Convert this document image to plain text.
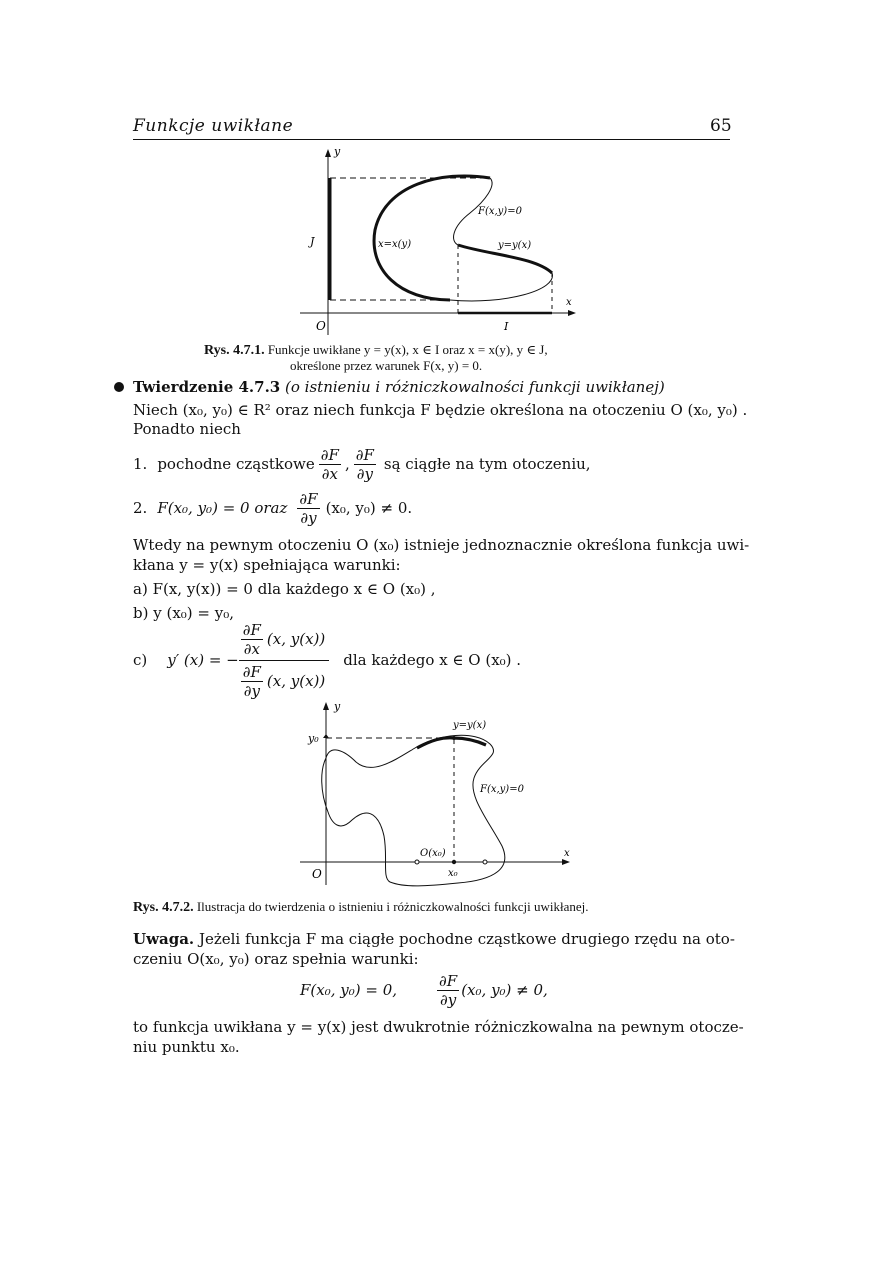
Funkcje uwikłane	65
y
x
O
J
I
F(x,y)=0
x=x(y)	y=y(x)
Rys. 4.7.1. Funkcje uwikłane y = y(x), x ∈ I oraz x = x(y), y ∈ J,
określone przez warunek F(x, y) = 0.
Twierdzenie 4.7.3 (o istnieniu i różniczkowalności funkcji uwikłanej)
Niech (x₀, y₀) ∈ R² oraz niech funkcja F będzie określona na otoczeniu O (x₀, y₀) .
Ponadto niech
1. pochodne cząstkowe $\frac{\partial F}{\partial x}$ , $\frac{\partial F}{\partial y}$ są ciągłe na tym otoczeniu,
2. F(x₀, y₀) = 0 oraz $\frac{\partial F}{\partial y} (x_0$, y₀) ≠ 0.
Wtedy na pewnym otoczeniu O (x₀) istnieje jednoznacznie określona funkcja uwi-
kłana y = y(x) spełniająca warunki:
a) F(x, y(x)) = 0 dla każdego x ∈ O (x₀) ,
b) y (x₀) = y₀,
c) y′ (x) = − $\frac{\frac{\partial F}{\partial x} (x, y(x))}{\frac{\partial F}{\partial y} (x, y(x))}$ dla każdego x ∈ O (x₀) .
y
x
O
y₀
x₀
O(x₀)
F(x,y)=0
y=y(x)
Rys. 4.7.2. Ilustracja do twierdzenia o istnieniu i różniczkowalności funkcji uwikłanej.
Uwaga. Jeżeli funkcja F ma ciągłe pochodne cząstkowe drugiego rzędu na oto-
czeniu O(x₀, y₀) oraz spełnia warunki:
F(x₀, y₀) = 0,	$\frac{\partial F}{\partial y} (x_0$, y₀) ≠ 0,
to funkcja uwikłana y = y(x) jest dwukrotnie różniczkowalna na pewnym otocze-
niu punktu x₀.
